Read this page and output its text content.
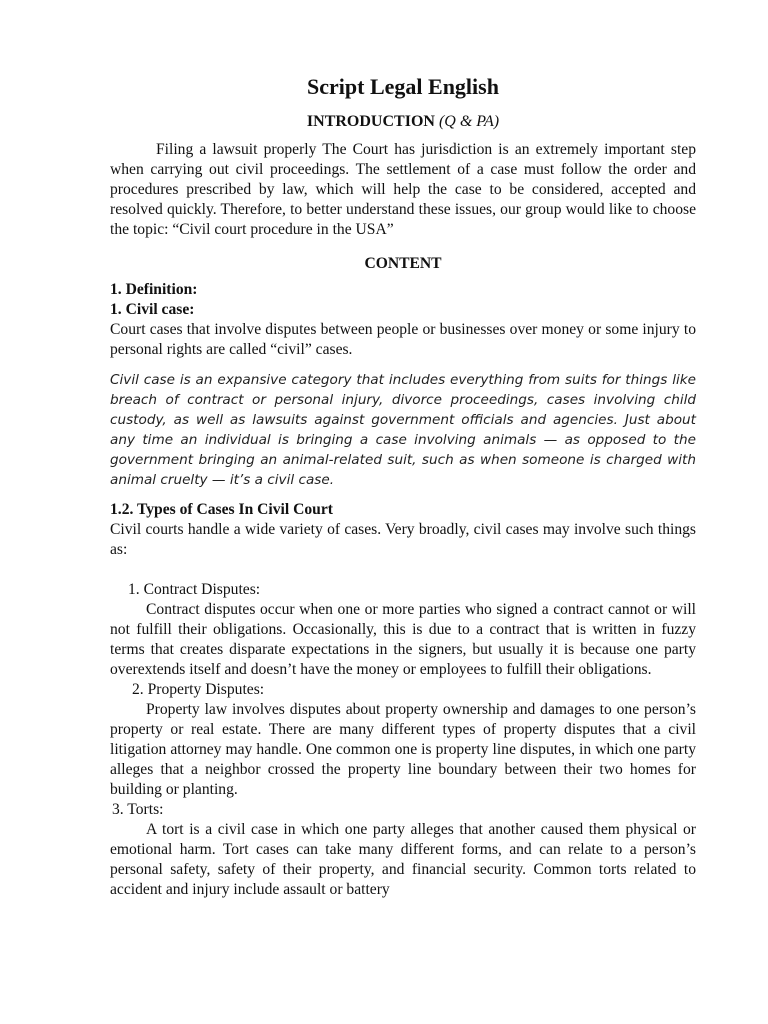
Script Legal English
INTRODUCTION (Q & PA)

Filing a lawsuit properly The Court has jurisdiction is an extremely important step when carrying out civil proceedings. The settlement of a case must follow the order and procedures prescribed by law, which will help the case to be considered, accepted and resolved quickly. Therefore, to better understand these issues, our group would like to choose the topic: “Civil court procedure in the USA”

CONTENT
1. Definition:
1. Civil case:

Court cases that involve disputes between people or businesses over money or some injury to personal rights are called “civil” cases.

Civil case is an expansive category that includes everything from suits for things like breach of contract or personal injury, divorce proceedings, cases involving child custody, as well as lawsuits against government officials and agencies. Just about any time an individual is bringing a case involving animals — as opposed to the government bringing an animal-related suit, such as when someone is charged with animal cruelty — it’s a civil case.
1.2. Types of Cases In Civil Court

Civil courts handle a wide variety of cases. Very broadly, civil cases may involve such things as:

1. Contract Disputes:

Contract disputes occur when one or more parties who signed a contract cannot or will not fulfill their obligations. Occasionally, this is due to a contract that is written in fuzzy terms that creates disparate expectations in the signers, but usually it is because one party overextends itself and doesn’t have the money or employees to fulfill their obligations.

2. Property Disputes:

Property law involves disputes about property ownership and damages to one person’s property or real estate. There are many different types of property disputes that a civil litigation attorney may handle. One common one is property line disputes, in which one party alleges that a neighbor crossed the property line boundary between their two homes for building or planting.

3. Torts:

A tort is a civil case in which one party alleges that another caused them physical or emotional harm. Tort cases can take many different forms, and can relate to a person’s personal safety, safety of their property, and financial security. Common torts related to accident and injury include assault or battery
